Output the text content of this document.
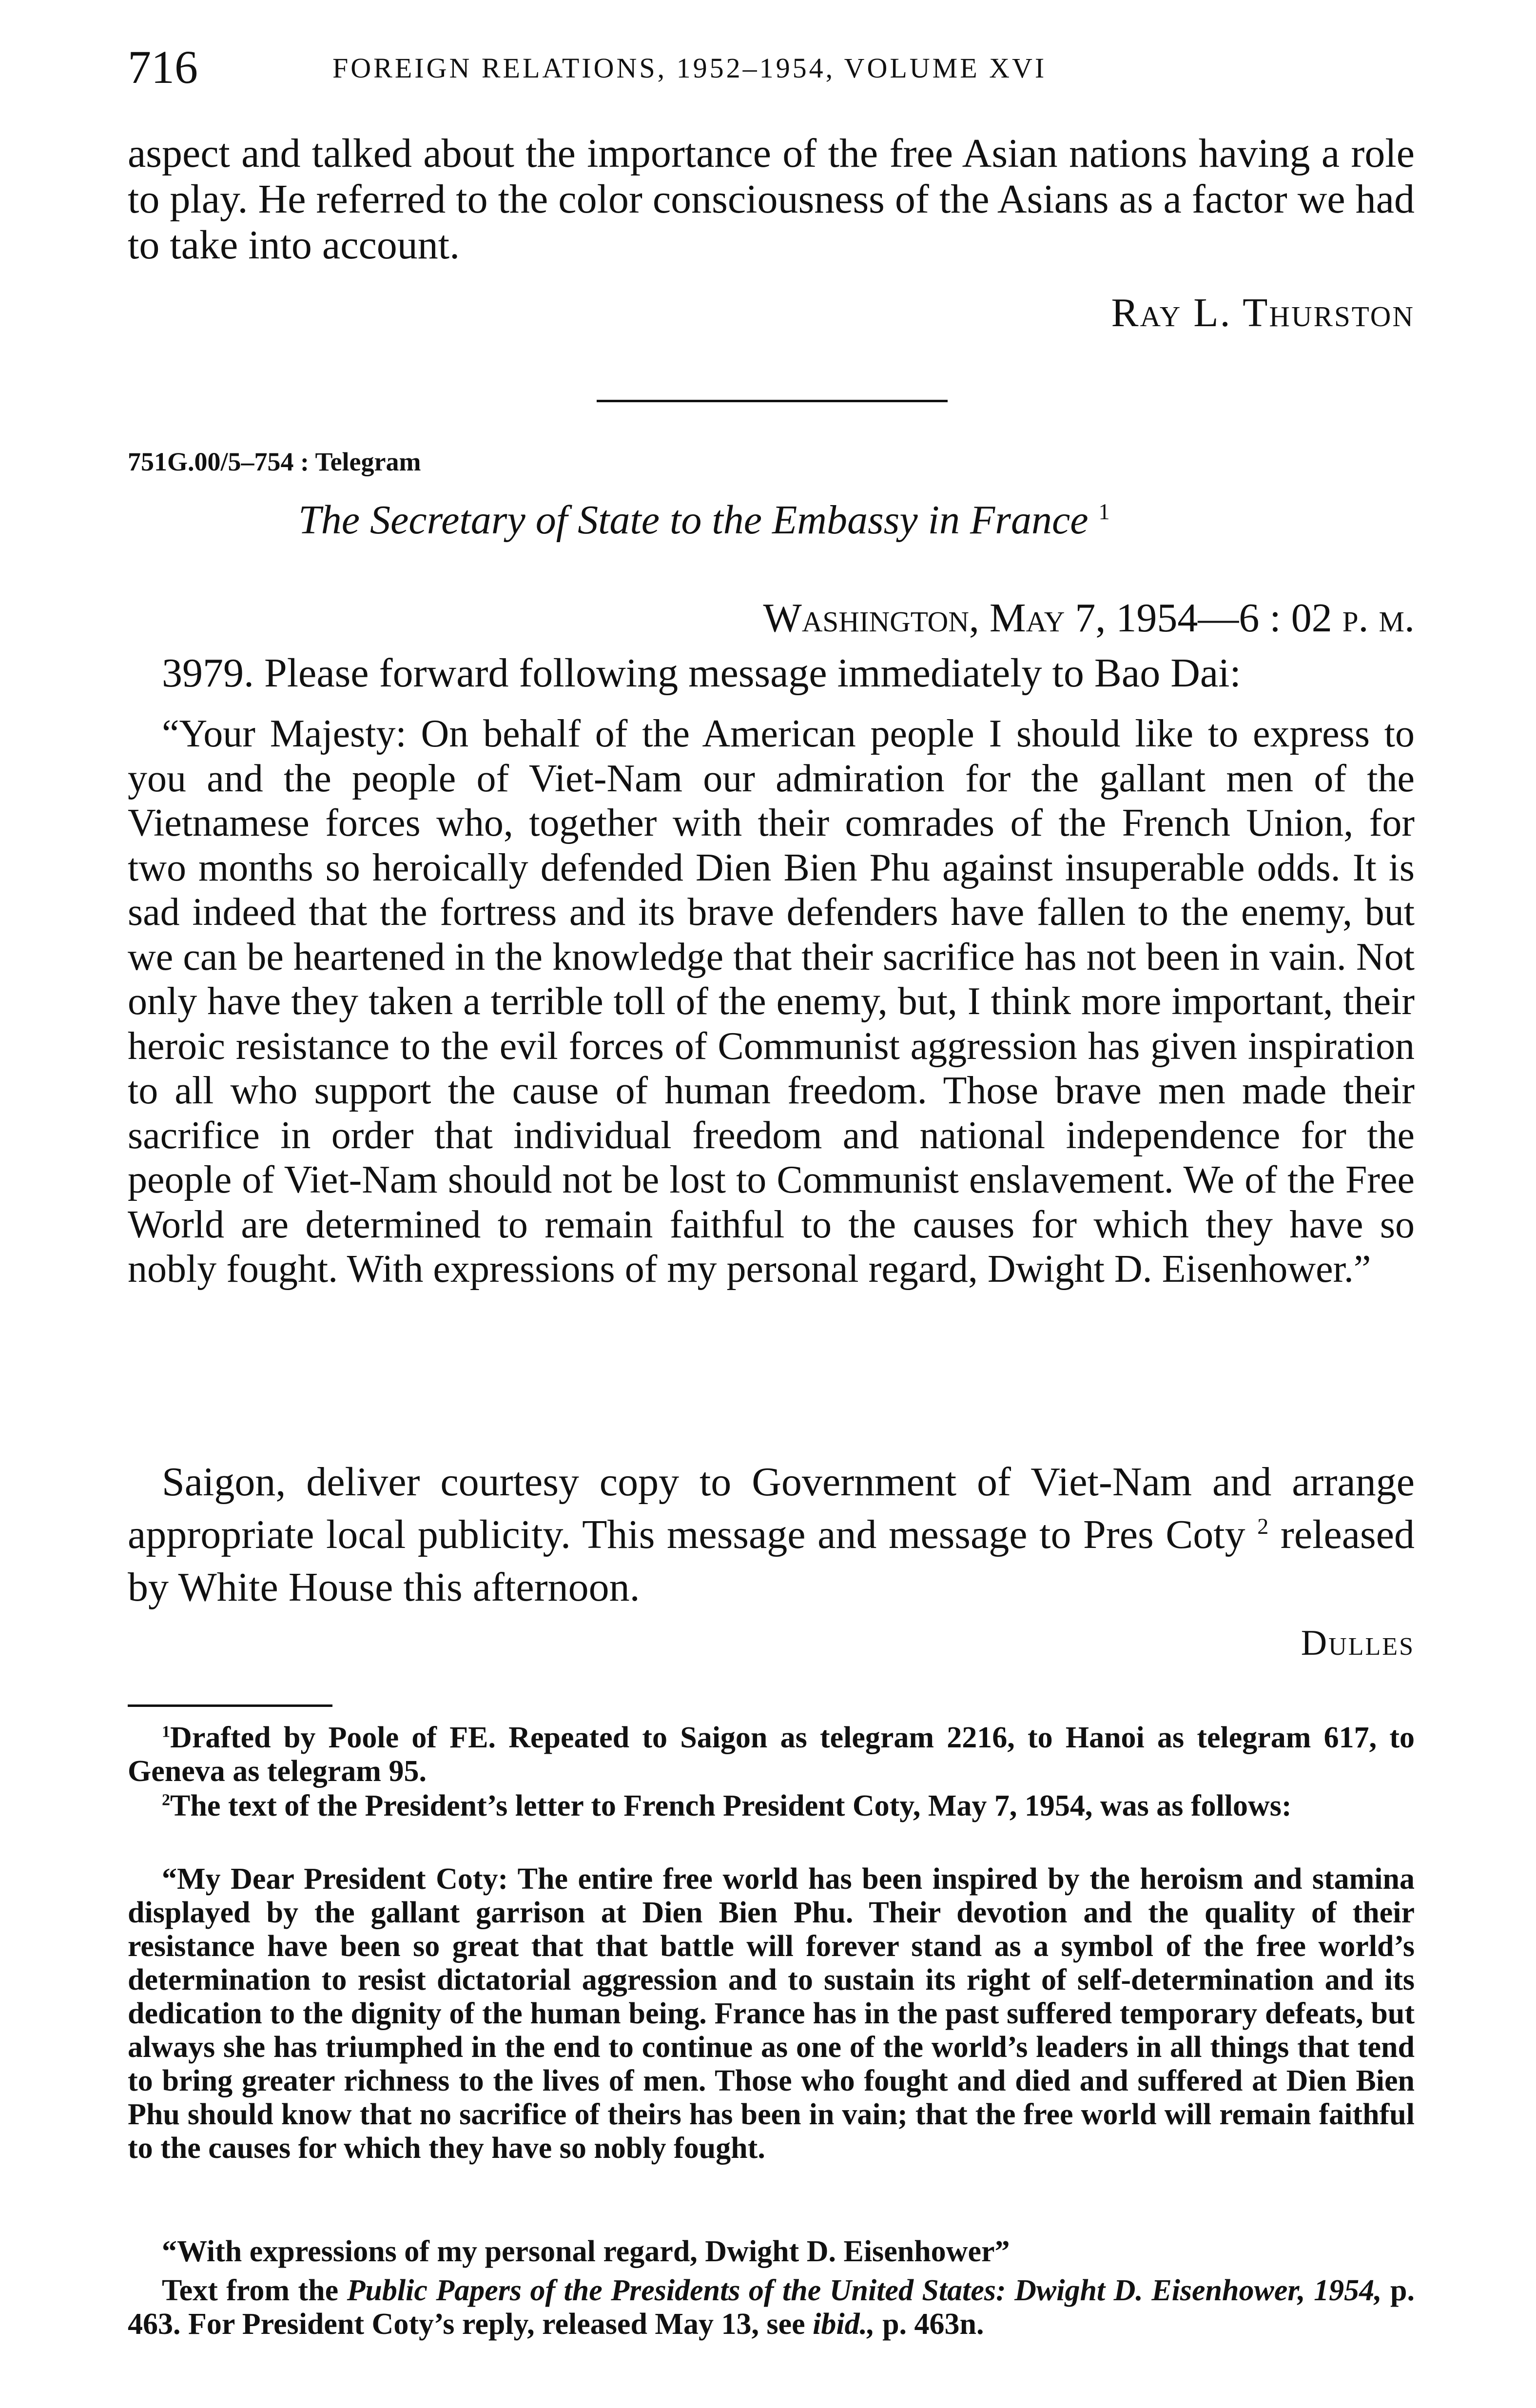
716	FOREIGN RELATIONS, 1952–1954, VOLUME XVI

aspect and talked about the importance of the free Asian nations having a role to play. He referred to the color consciousness of the Asians as a factor we had to take into account.

Ray L. Thurston

751G.00/5–754 : Telegram

The Secretary of State to the Embassy in France $^1$

Washington, May 7, 1954—6 : 02 p. m.

3979. Please forward following message immediately to Bao Dai:

“Your Majesty: On behalf of the American people I should like to express to you and the people of Viet-Nam our admiration for the gallant men of the Vietnamese forces who, together with their comrades of the French Union, for two months so heroically defended Dien Bien Phu against insuperable odds. It is sad indeed that the fortress and its brave defenders have fallen to the enemy, but we can be heartened in the knowledge that their sacrifice has not been in vain. Not only have they taken a terrible toll of the enemy, but, I think more important, their heroic resistance to the evil forces of Communist aggression has given inspiration to all who support the cause of human freedom. Those brave men made their sacrifice in order that individual freedom and national independence for the people of Viet-Nam should not be lost to Communist enslavement. We of the Free World are determined to remain faithful to the causes for which they have so nobly fought. With expressions of my personal regard, Dwight D. Eisenhower.”

Saigon, deliver courtesy copy to Government of Viet-Nam and arrange appropriate local publicity. This message and message to Pres Coty $^2$ released by White House this afternoon.

Dulles

$^1$Drafted by Poole of FE. Repeated to Saigon as telegram 2216, to Hanoi as telegram 617, to Geneva as telegram 95.

$^2$The text of the President’s letter to French President Coty, May 7, 1954, was as follows:

“My Dear President Coty: The entire free world has been inspired by the heroism and stamina displayed by the gallant garrison at Dien Bien Phu. Their devotion and the quality of their resistance have been so great that that battle will forever stand as a symbol of the free world’s determination to resist dictatorial aggression and to sustain its right of self-determination and its dedication to the dignity of the human being. France has in the past suffered temporary defeats, but always she has triumphed in the end to continue as one of the world’s leaders in all things that tend to bring greater richness to the lives of men. Those who fought and died and suffered at Dien Bien Phu should know that no sacrifice of theirs has been in vain; that the free world will remain faithful to the causes for which they have so nobly fought.

“With expressions of my personal regard, Dwight D. Eisenhower”

Text from the Public Papers of the Presidents of the United States: Dwight D. Eisenhower, 1954, p. 463. For President Coty’s reply, released May 13, see ibid., p. 463n.
